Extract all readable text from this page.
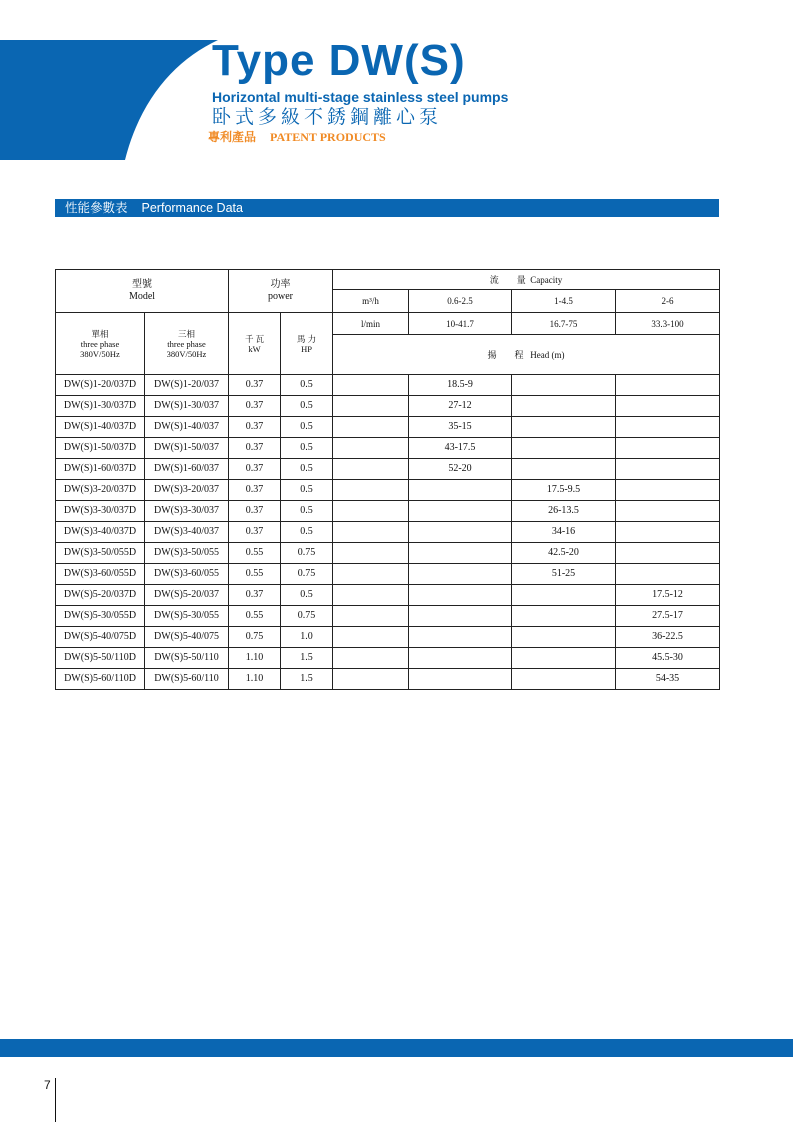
Type DW(S)
Horizontal multi-stage stainless steel pumps
卧式多級不銹鋼離心泵
專利產品 PATENT PRODUCTS
性能參數表 Performance Data
型號
Model		功率
power		流　　量 Capacity			
				m³/h	0.6-2.5	1-4.5	2-6

單相
three phase
380V/50Hz	三相
three phase
380V/50Hz	千 瓦
kW	馬 力
HP	l/min	10-41.7	16.7-75	33.3-100
				揚　　程 Head (m)			
DW(S)1-20/037D	DW(S)1-20/037	0.37	0.5		18.5-9		
DW(S)1-30/037D	DW(S)1-30/037	0.37	0.5		27-12		
DW(S)1-40/037D	DW(S)1-40/037	0.37	0.5		35-15		
DW(S)1-50/037D	DW(S)1-50/037	0.37	0.5		43-17.5		
DW(S)1-60/037D	DW(S)1-60/037	0.37	0.5		52-20		
DW(S)3-20/037D	DW(S)3-20/037	0.37	0.5			17.5-9.5	
DW(S)3-30/037D	DW(S)3-30/037	0.37	0.5			26-13.5	
DW(S)3-40/037D	DW(S)3-40/037	0.37	0.5			34-16	
DW(S)3-50/055D	DW(S)3-50/055	0.55	0.75			42.5-20	
DW(S)3-60/055D	DW(S)3-60/055	0.55	0.75			51-25	
DW(S)5-20/037D	DW(S)5-20/037	0.37	0.5				17.5-12
DW(S)5-30/055D	DW(S)5-30/055	0.55	0.75				27.5-17
DW(S)5-40/075D	DW(S)5-40/075	0.75	1.0				36-22.5
DW(S)5-50/110D	DW(S)5-50/110	1.10	1.5				45.5-30
DW(S)5-60/110D	DW(S)5-60/110	1.10	1.5				54-35
7
